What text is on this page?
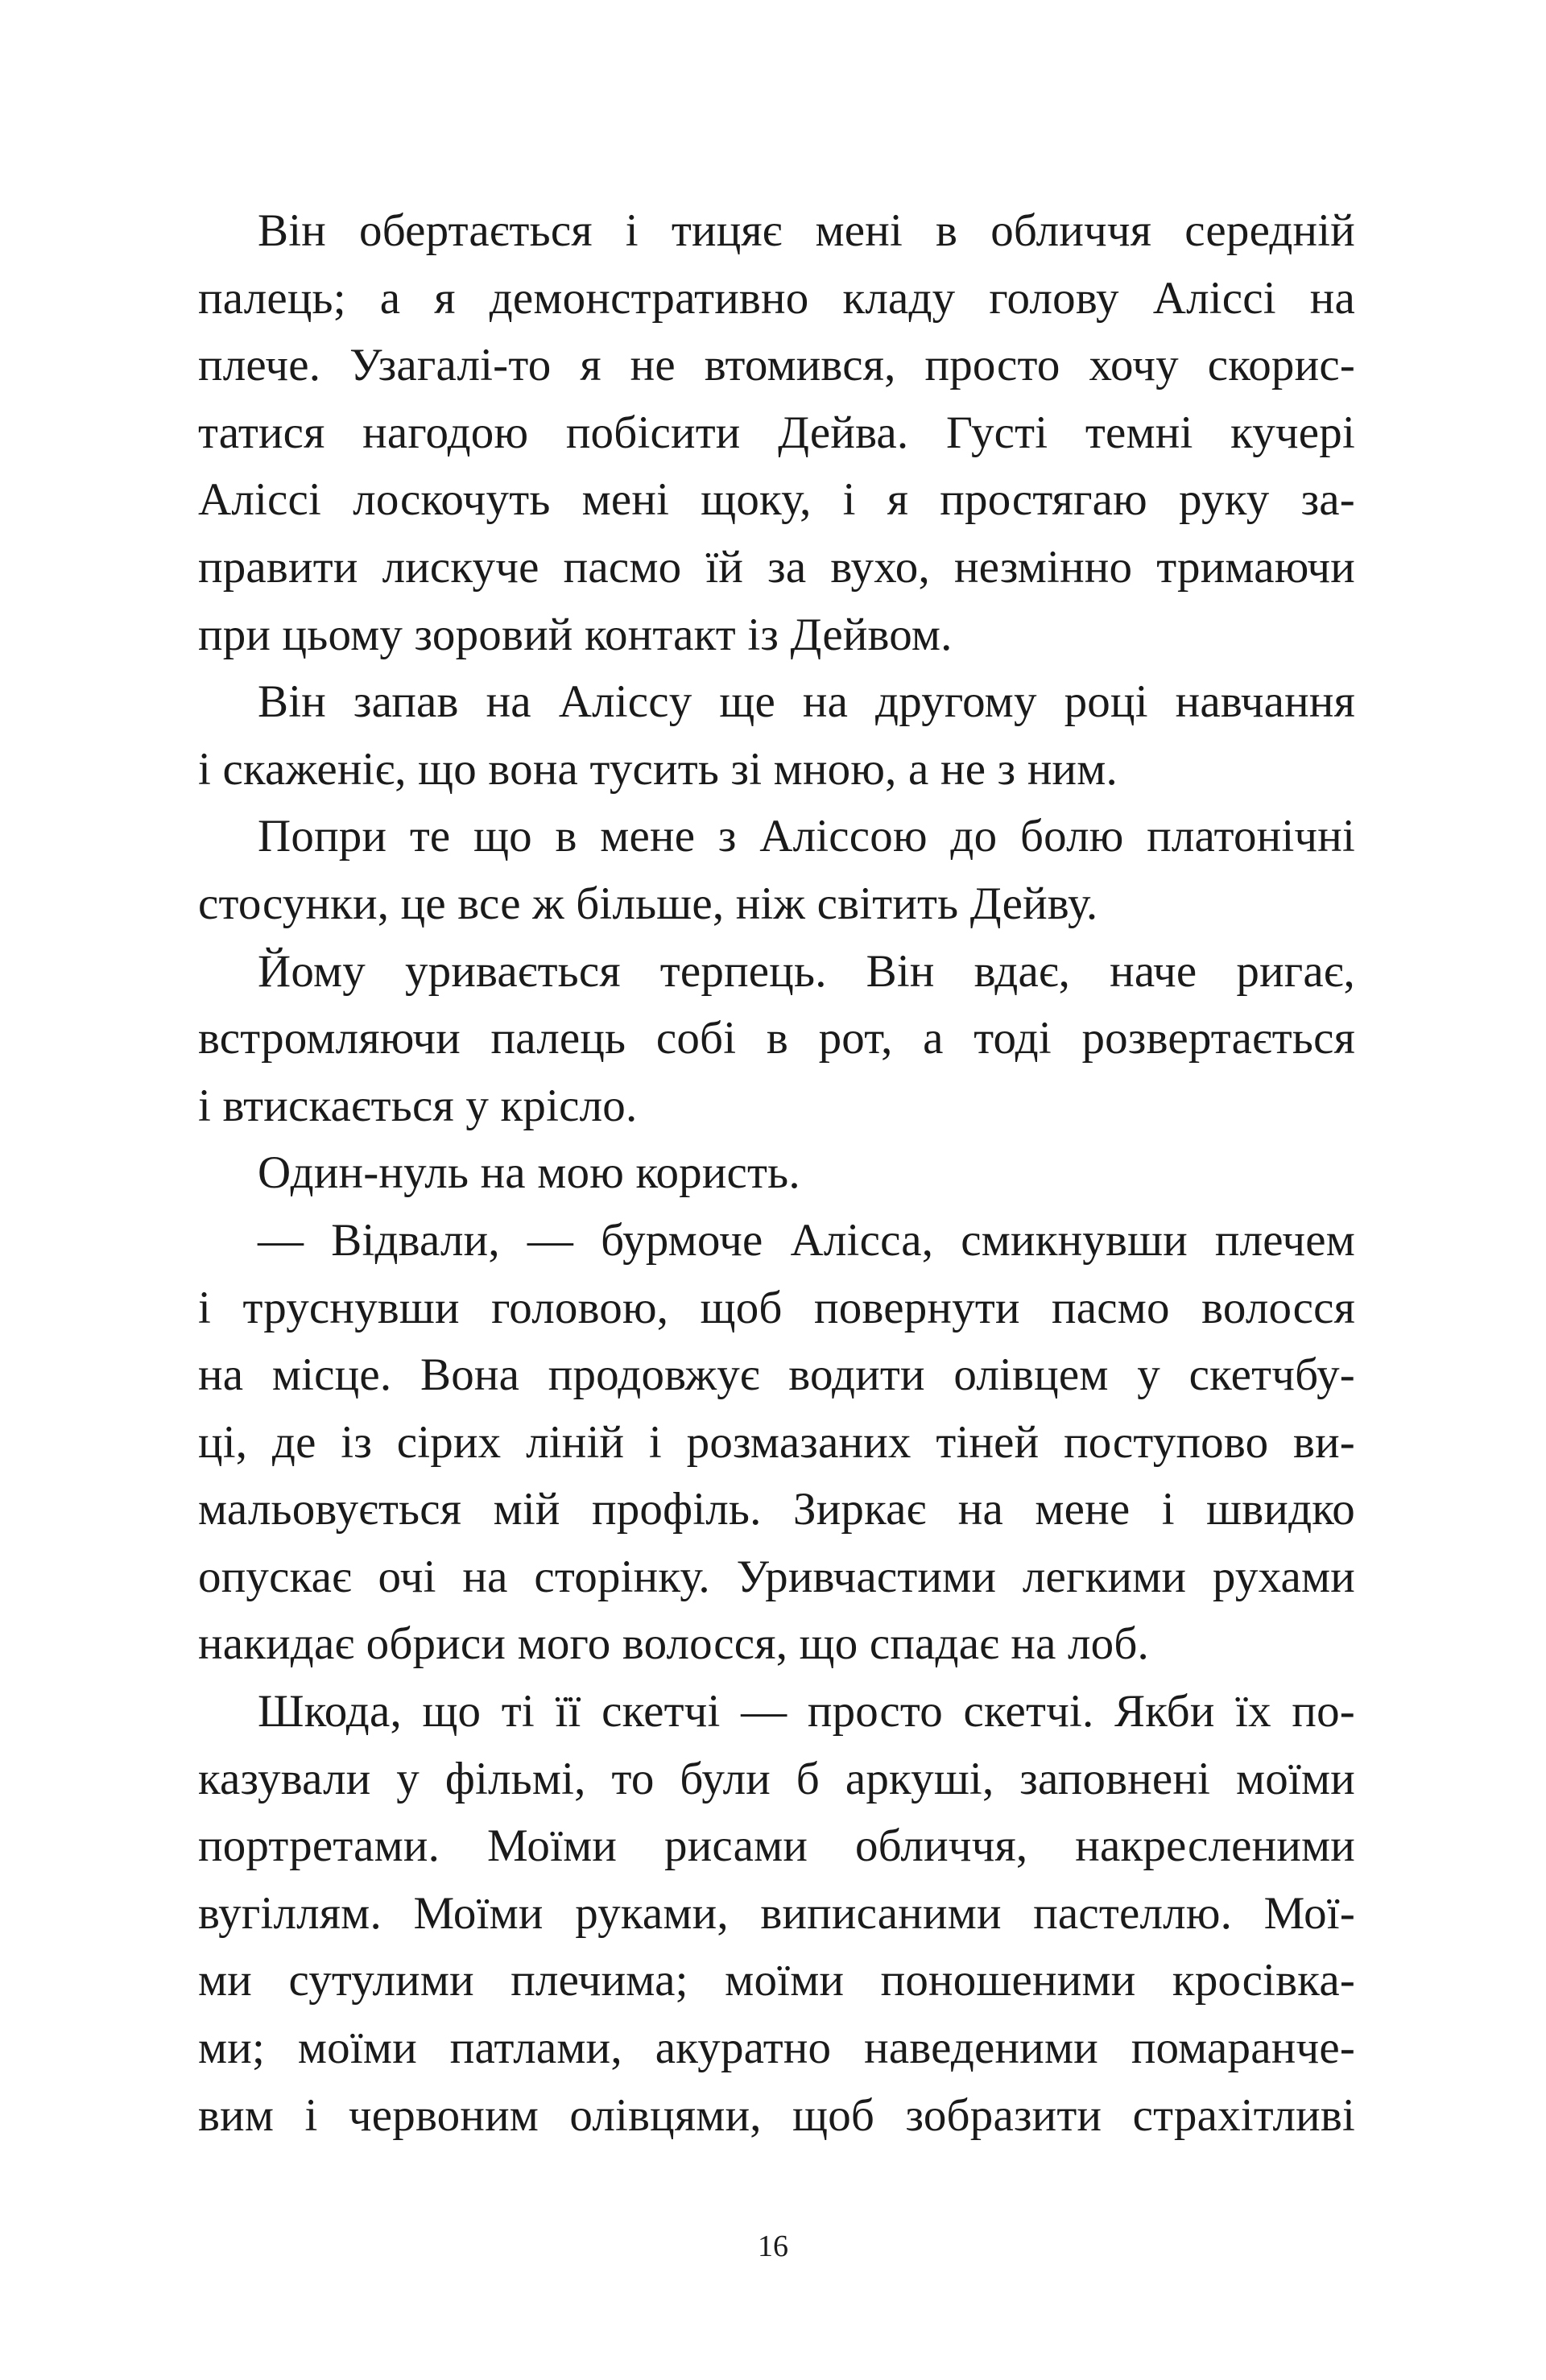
Він обертається і тицяє мені в обличчя середній
палець; а я демонстративно кладу голову Аліссі на
плече. Узагалі-то я не втомився, просто хочу скорис-
татися нагодою побісити Дейва. Густі темні кучері
Аліссі лоскочуть мені щоку, і я простягаю руку за-
правити лискуче пасмо їй за вухо, незмінно тримаючи
при цьому зоровий контакт із Дейвом.
Він запав на Алісcу ще на другому році навчання
і скаженіє, що вона тусить зі мною, а не з ним.
Попри те що в мене з Аліссою до болю платонічні
стосунки, це все ж більше, ніж світить Дейву.
Йому уривається терпець. Він вдає, наче ригає,
встромляючи палець собі в рот, а тоді розвертається
і втискається у крісло.
Один-нуль на мою користь.
— Відвали, — бурмоче Алісса, смикнувши плечем
і труснувши головою, щоб повернути пасмо волосся
на місце. Вона продовжує водити олівцем у скетчбу-
ці, де із сірих ліній і розмазаних тіней поступово ви-
мальовується мій профіль. Зиркає на мене і швидко
опускає очі на сторінку. Уривчастими легкими рухами
накидає обриси мого волосся, що спадає на лоб.
Шкода, що ті її скетчі — просто скетчі. Якби їх по-
казували у фільмі, то були б аркуші, заповнені моїми
портретами. Моїми рисами обличчя, накресленими
вугіллям. Моїми руками, виписаними пастеллю. Мої-
ми сутулими плечима; моїми поношеними кросівка-
ми; моїми патлами, акуратно наведеними помаранче-
вим і червоним олівцями, щоб зобразити страхітливі
16
